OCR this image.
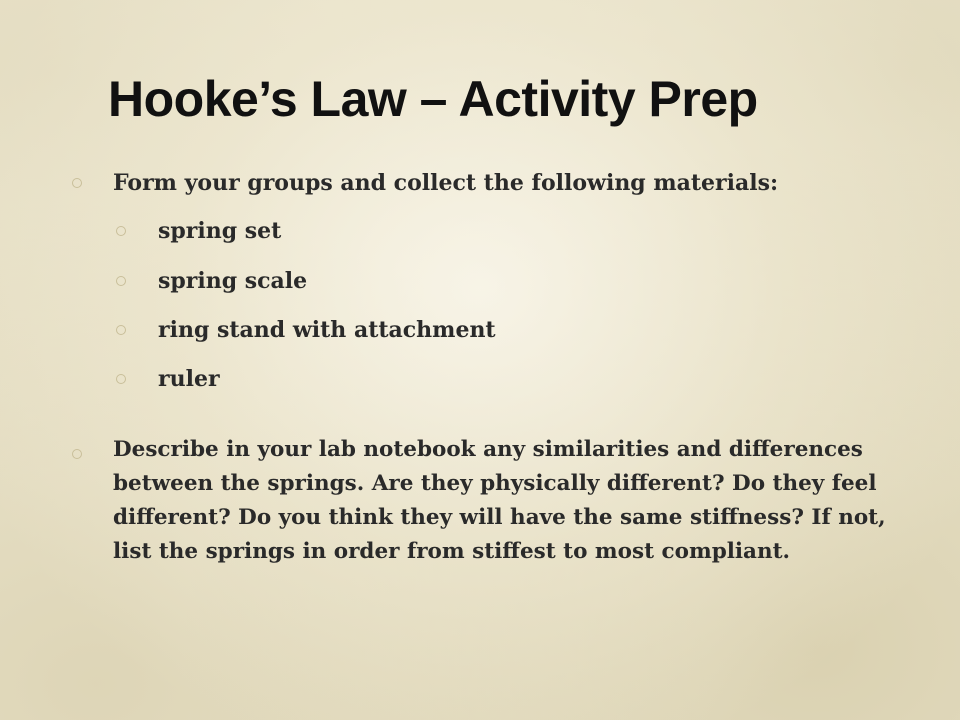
Hooke’s Law – Activity Prep
Form your groups and collect the following materials:
spring set
spring scale
ring stand with attachment
ruler
Describe in your lab notebook any similarities and differences between the springs. Are they physically different? Do they feel different? Do you think they will have the same stiffness? If not, list the springs in order from stiffest to most compliant.
